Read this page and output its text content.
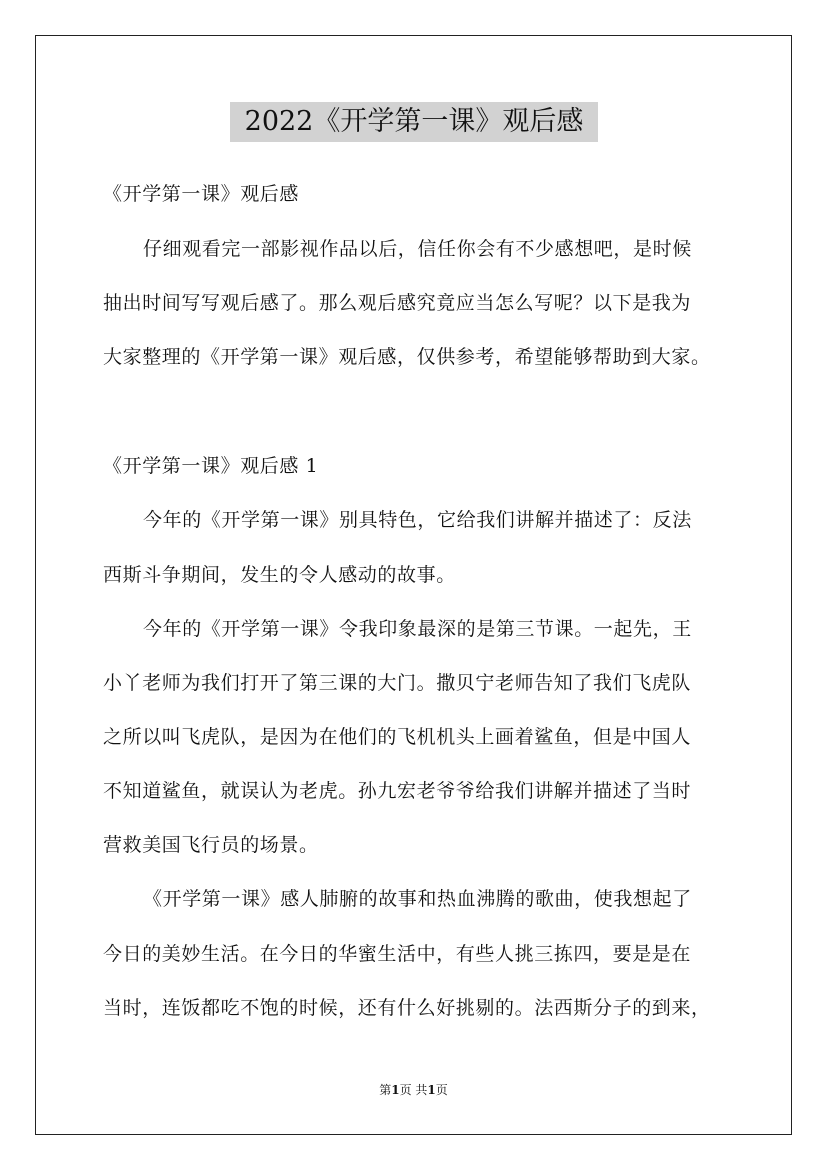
2022《开学第一课》观后感
《开学第一课》观后感
仔细观看完一部影视作品以后，信任你会有不少感想吧，是时候
抽出时间写写观后感了。那么观后感究竟应当怎么写呢？以下是我为
大家整理的《开学第一课》观后感，仅供参考，希望能够帮助到大家。
《开学第一课》观后感 1
今年的《开学第一课》别具特色，它给我们讲解并描述了：反法
西斯斗争期间，发生的令人感动的故事。
今年的《开学第一课》令我印象最深的是第三节课。一起先，王
小丫老师为我们打开了第三课的大门。撒贝宁老师告知了我们飞虎队
之所以叫飞虎队，是因为在他们的飞机机头上画着鲨鱼，但是中国人
不知道鲨鱼，就误认为老虎。孙九宏老爷爷给我们讲解并描述了当时
营救美国飞行员的场景。
《开学第一课》感人肺腑的故事和热血沸腾的歌曲，使我想起了
今日的美妙生活。在今日的华蜜生活中，有些人挑三拣四，要是是在
当时，连饭都吃不饱的时候，还有什么好挑剔的。法西斯分子的到来，
第1页 共1页
